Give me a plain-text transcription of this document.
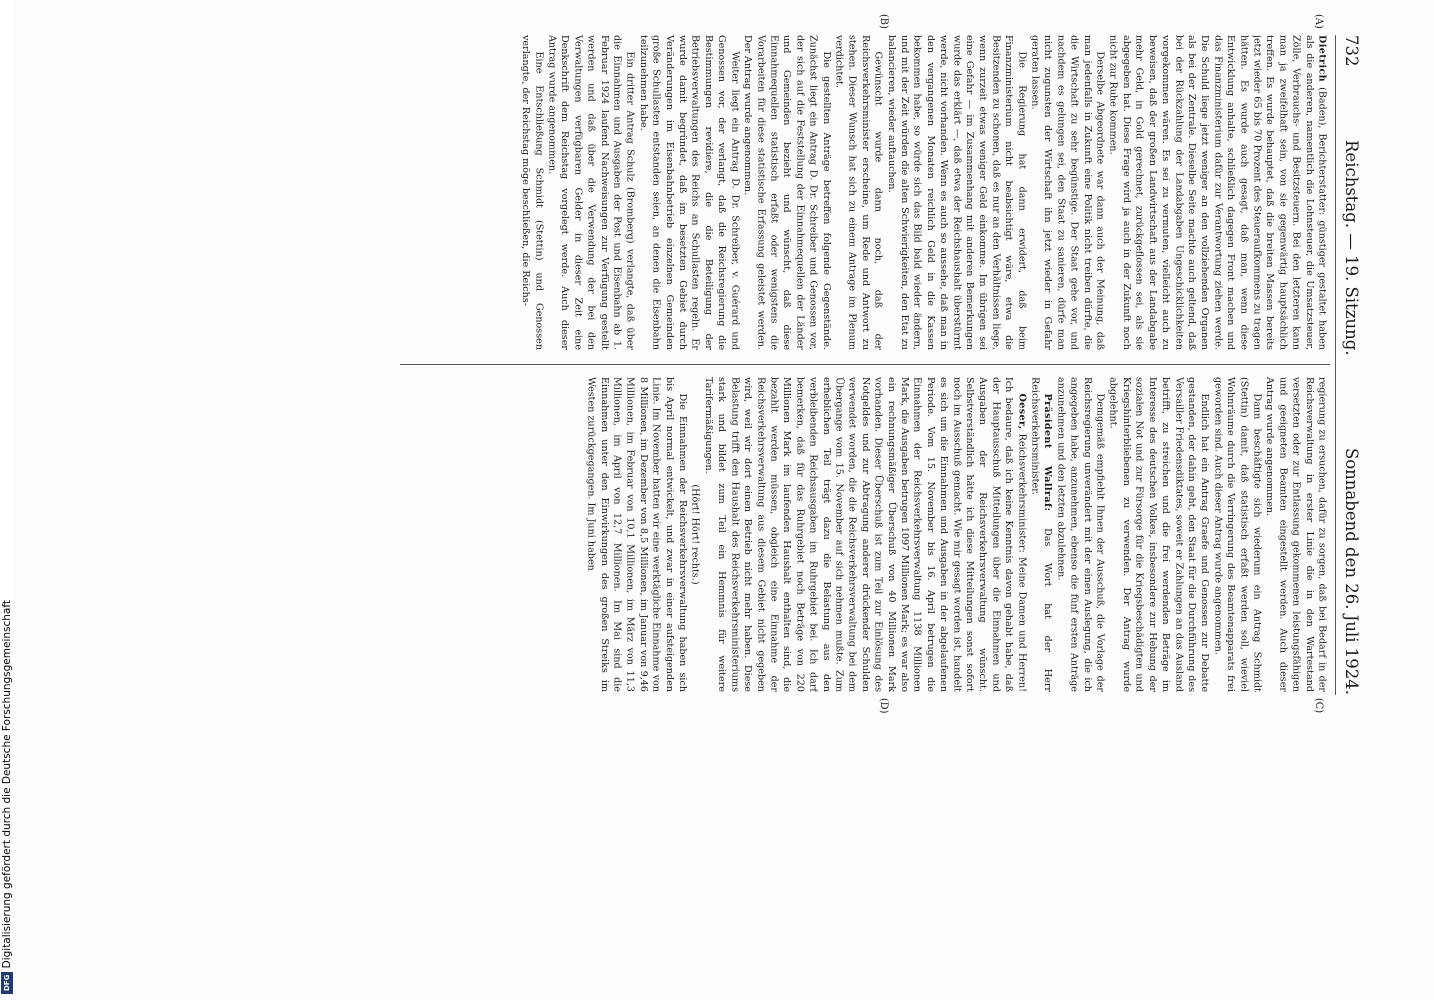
732
Reichstag. — 19. Sitzung.
Sonnabend den 26. Juli 1924.
(A)
(B)
(C)
(D)

Dietrich (Baden), Berichterstatter: günstiger gestaltet haben als die anderen, namentlich die Lohnsteuer, die Umsatzsteuer, Zölle, Verbrauchs- und Besitzsteuern. Bei den letzteren kann man ja zweifelhaft sein, von sie gegenwärtig hauptsächlich treffen. Es wurde behauptet, daß die breiten Massen bereits jetzt wieder 65 bis 70 Prozent des Steueraufkommens zu tragen hätten. Es wurde auch gesagt, daß man, wenn diese Entwicklung anhalte, schließlich dagegen Front machen und das Finanzministerium dafür zur Verantwortung ziehen werde. Die Schuld liege jetzt weniger an den vollziehenden Organen als bei der Zentrale. Dieselbe Seite machte auch geltend, daß bei der Rückzahlung der Landabgaben Ungeschicklichkeiten vorgekommen wären. Es sei zu vermuten, vielleicht auch zu beweisen, daß der großen Landwirtschaft aus der Landabgabe mehr Geld, in Gold gerechnet, zurückgeflossen sei, als sie abgegeben hat. Diese Frage wird ja auch in der Zukunft noch nicht zur Ruhe kommen.

Derselbe Abgeordnete war dann auch der Meinung, daß man jedenfalls in Zukunft eine Politik nicht treiben dürfte, die die Wirtschaft zu sehr begünstige. Der Staat gehe vor, und nachdem es gelungen sei, den Staat zu sanieren, dürfe man nicht zugunsten der Wirtschaft ihn jetzt wieder in Gefahr geraten lassen.

Die Regierung hat dann erwidert, daß beim Finanzministerium nicht beabsichtigt wäre, etwa die Besitzenden zu schonen, daß es nur an den Verhältnissen liege, wenn zurzeit etwas weniger Geld einkomme. Im übrigen sei eine Gefahr — im Zusammenhang mit anderen Bemerkungen wurde das erklärt —, daß etwa der Reichshaushalt überstürmt werde, nicht vorhanden. Wenn es auch so aussehe, daß man in den vergangenen Monaten reichlich Geld in die Kassen bekommen habe, so würde sich das Bild bald wieder ändern, und mit der Zeit würden die alten Schwierigkeiten, den Etat zu balancieren, wieder auftauchen.

Gewünscht wurde dann noch, daß der Reichsverkehrsminister erscheine, um Rede und Antwort zu stehen. Dieser Wunsch hat sich zu einem Antrage im Plenum verdichtet.

Die gestellten Anträge betreffen folgende Gegenstände. Zunächst liegt ein Antrag D. Dr. Schreiber und Genossen vor, der sich auf die Feststellung der Einnahmequellen der Länder und Gemeinden bezieht und wünscht, daß diese Einnahmequellen statistisch erfaßt oder wenigstens die Vorarbeiten für diese statistische Erfassung geleistet werden. Der Antrag wurde angenommen.

Weiter liegt ein Antrag D. Dr. Schreiber, v. Guérard und Genossen vor, der verlangt, daß die Reichsregierung die Bestimmungen revidiere, die die Beteiligung der Betriebsverwaltungen des Reichs an Schullasten regeln. Er wurde damit begründet, daß im besetzten Gebiet durch Veränderungen im Eisenbahnbetrieb einzelnen Gemeinden große Schullasten entstanden seien, an denen die Eisenbahn teilzunehmen habe.

Ein dritter Antrag Schulz (Bromberg) verlangte, daß über die Einnahmen und Ausgaben der Post und Eisenbahn ab 1. Februar 1924 laufend Nachweisungen zur Verfügung gestellt werden und daß über die Verwendung der bei den Verwaltungen verfügbaren Gelder in dieser Zeit eine Denkschrift dem Reichstag vorgelegt werde. Auch dieser Antrag wurde angenommen.

Eine Entschließung Schmidt (Stettin) und Genossen verlangte, der Reichstag möge beschließen, die Reichs-

regierung zu ersuchen, dafür zu sorgen, daß bei Bedarf in der Reichsverwaltung in erster Linie die in den Wartestand versetzten oder zur Entlassung gekommenen leistungsfähigen und geeigneten Beamten eingestellt werden. Auch dieser Antrag wurde angenommen.

Dann beschäftigte sich wiederum ein Antrag Schmidt (Stettin) damit, daß statistisch erfaßt werden soll, wieviel Wohnräume durch die Verringerung des Beamtenapparats frei geworden sind. Auch dieser Antrag wurde angenommen.

Endlich hat ein Antrag Graefe und Genossen zur Debatte gestanden, der dahin geht, den Staat für die Durchführung des Versailler Friedensdiktates, soweit er Zahlungen an das Ausland betrifft, zu streichen und die frei werdenden Beträge im Interesse des deutschen Volkes, insbesondere zur Hebung der sozialen Not und zur Fürsorge für die Kriegsbeschädigten und Kriegshinterbliebenen zu verwenden. Der Antrag wurde abgelehnt.

Demgemäß empfiehlt Ihnen der Ausschuß, die Vorlage der Reichsregierung unverändert mit der einen Auslegung, die ich angegeben habe, anzunehmen, ebenso die fünf ersten Anträge anzunehmen und den letzten abzulehnen.

Präsident Wallraf: Das Wort hat der Herr Reichsverkehrsminister.

Oeser, Reichsverkehrsminister: Meine Damen und Herren! Ich bedaure, daß ich keine Kenntnis davon gehabt habe, daß der Hauptausschuß Mitteilungen über die Einnahmen und Ausgaben der Reichsverkehrsverwaltung wünscht. Selbstverständlich hätte ich diese Mitteilungen sonst sofort noch im Ausschuß gemacht. Wie mir gesagt worden ist, handelt es sich um die Einnahmen und Ausgaben in der abgelaufenen Periode. Vom 15. November bis 16. April betrugen die Einnahmen der Reichsverkehrsverwaltung 1138 Millionen Mark, die Ausgaben betrugen 1097 Millionen Mark; es war also ein rechnungsmäßiger Überschuß von 40 Millionen Mark vorhanden. Dieser Überschuß ist zum Teil zur Einlösung des Notgeldes und zur Abtragung anderer drückender Schulden verwendet worden, die die Reichsverkehrsverwaltung bei dem Übergange vom 15. November auf sich nehmen mußte. Zum erheblichen Teil trägt dazu die Belastung aus den verbleibenden Reichsausgaben im Ruhrgebiet bei. Ich darf bemerken, daß für das Ruhrgebiet noch Beträge von 220 Millionen Mark im laufenden Haushalt enthalten sind, die bezahlt werden müssen, obgleich eine Einnahme der Reichsverkehrsverwaltung aus diesem Gebiet nicht gegeben wird, weil wir dort einen Betrieb nicht mehr haben. Diese Belastung trifft den Haushalt des Reichsverkehrsministeriums stark und bildet zum Teil ein Hemmnis für weitere Tarifermäßigungen.

(Hört! Hört! rechts.)

Die Einnahmen der Reichsverkehrsverwaltung haben sich bis April normal entwickelt, und zwar in einer aufsteigenden Linie. Im November hatten wir eine werktägliche Einnahme von 8 Millionen, im Dezember von 8,5 Millionen, im Januar von 9,46 Millionen, im Februar von 10,1 Millionen, im März von 11,3 Millionen, im April von 12,7 Millionen. Im Mai sind die Einnahmen unter den Einwirkungen des großen Streiks im Westen zurückgegangen. Im Juni haben

Digitalisierung gefördert durch die Deutsche Forschungsgemeinschaft
DFG
